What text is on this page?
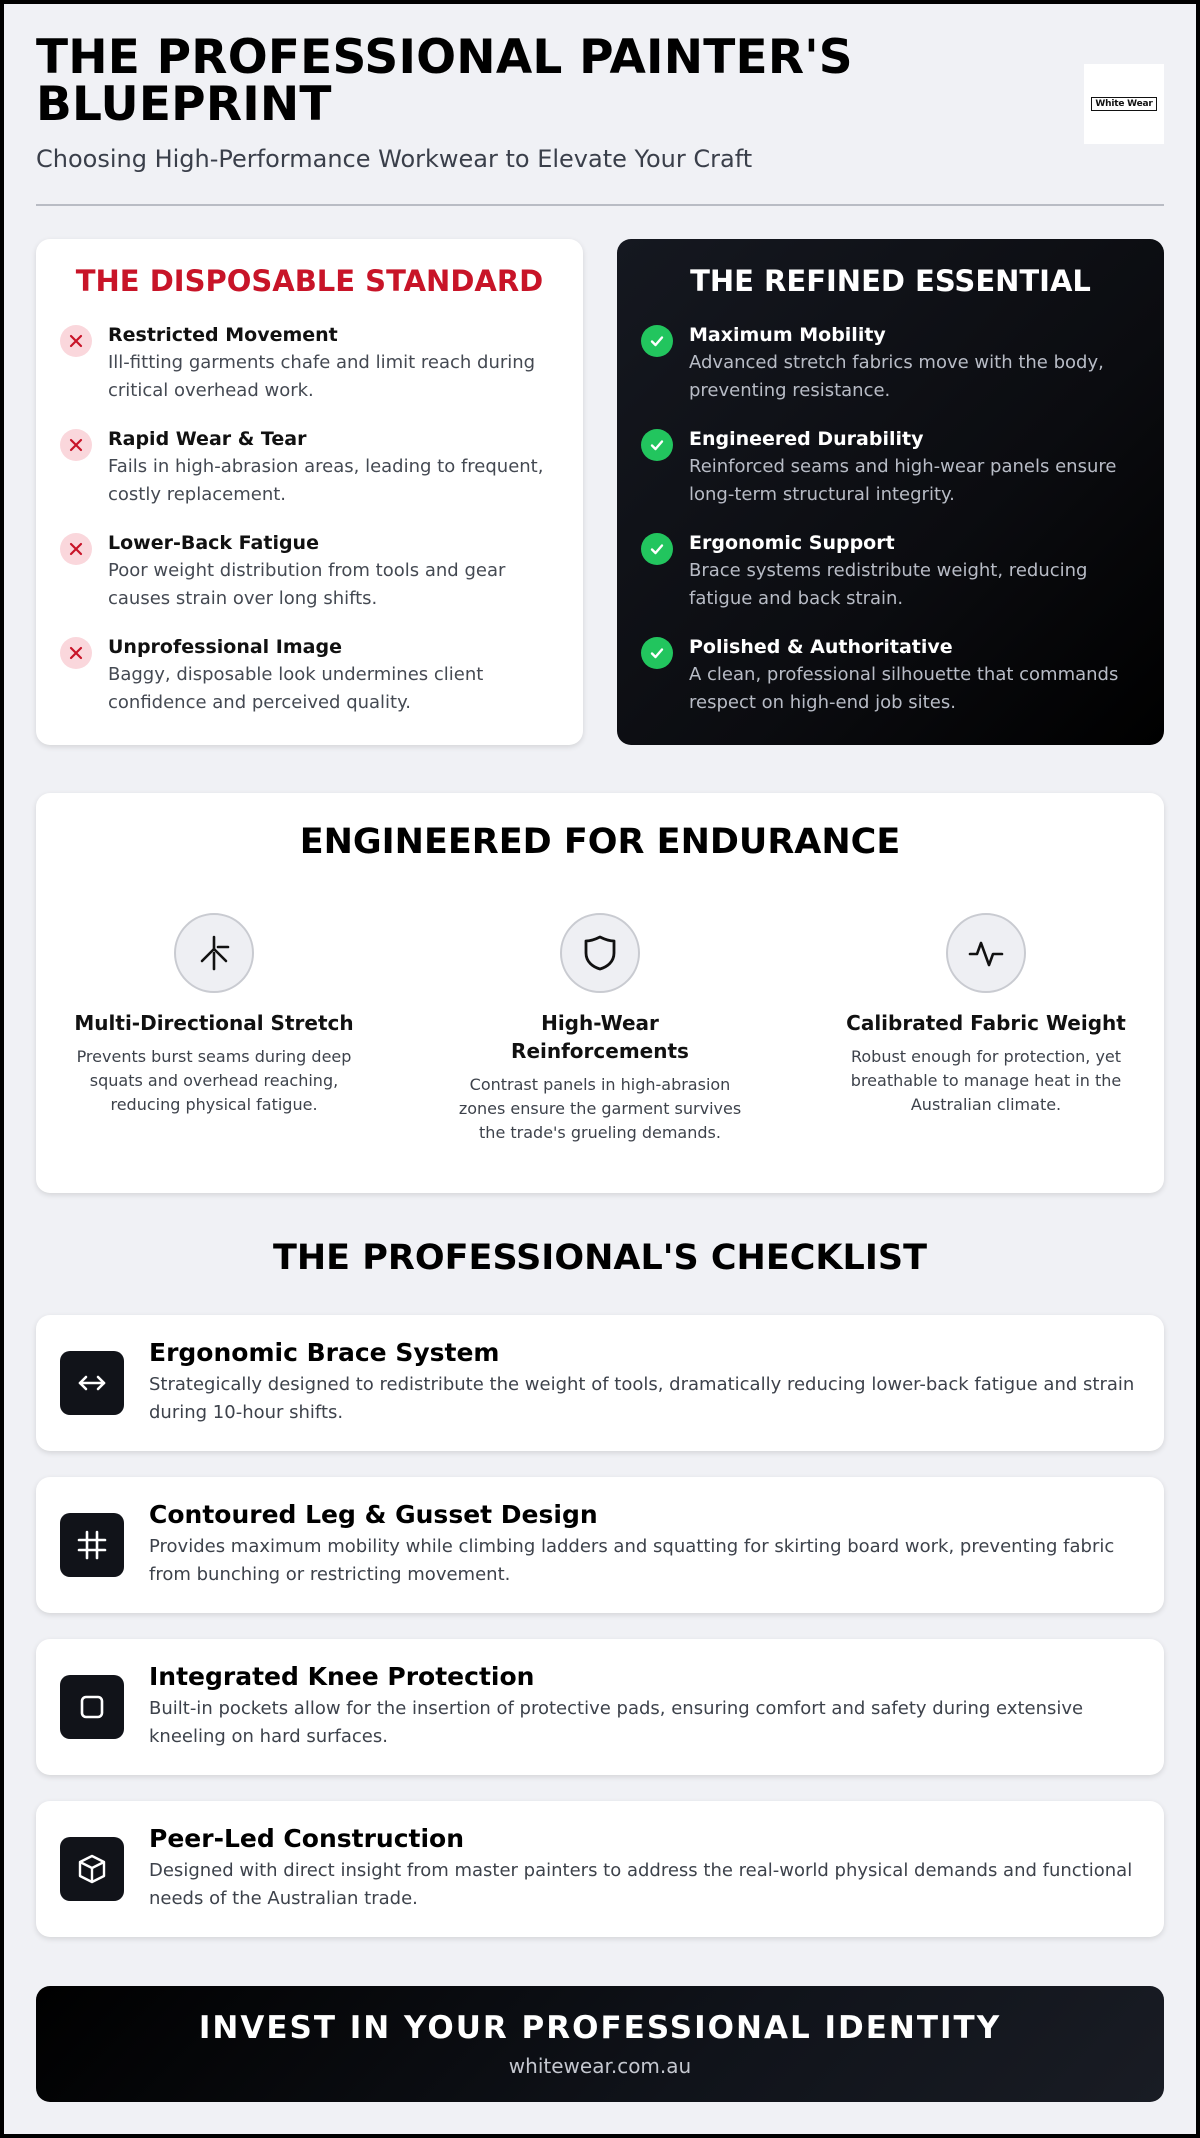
THE PROFESSIONAL PAINTER'S BLUEPRINT
Choosing High-Performance Workwear to Elevate Your Craft
White Wear
THE DISPOSABLE STANDARD
Restricted Movement
Ill-fitting garments chafe and limit reach during critical overhead work.
Rapid Wear & Tear
Fails in high-abrasion areas, leading to frequent, costly replacement.
Lower-Back Fatigue
Poor weight distribution from tools and gear causes strain over long shifts.
Unprofessional Image
Baggy, disposable look undermines client confidence and perceived quality.
THE REFINED ESSENTIAL
Maximum Mobility
Advanced stretch fabrics move with the body, preventing resistance.
Engineered Durability
Reinforced seams and high-wear panels ensure long-term structural integrity.
Ergonomic Support
Brace systems redistribute weight, reducing fatigue and back strain.
Polished & Authoritative
A clean, professional silhouette that commands respect on high-end job sites.
ENGINEERED FOR ENDURANCE
Multi-Directional Stretch
Prevents burst seams during deep squats and overhead reaching, reducing physical fatigue.
High-Wear Reinforcements
Contrast panels in high-abrasion zones ensure the garment survives the trade's grueling demands.
Calibrated Fabric Weight
Robust enough for protection, yet breathable to manage heat in the Australian climate.
THE PROFESSIONAL'S CHECKLIST
Ergonomic Brace System
Strategically designed to redistribute the weight of tools, dramatically reducing lower-back fatigue and strain during 10-hour shifts.
Contoured Leg & Gusset Design
Provides maximum mobility while climbing ladders and squatting for skirting board work, preventing fabric from bunching or restricting movement.
Integrated Knee Protection
Built-in pockets allow for the insertion of protective pads, ensuring comfort and safety during extensive kneeling on hard surfaces.
Peer-Led Construction
Designed with direct insight from master painters to address the real-world physical demands and functional needs of the Australian trade.
INVEST IN YOUR PROFESSIONAL IDENTITY
whitewear.com.au
